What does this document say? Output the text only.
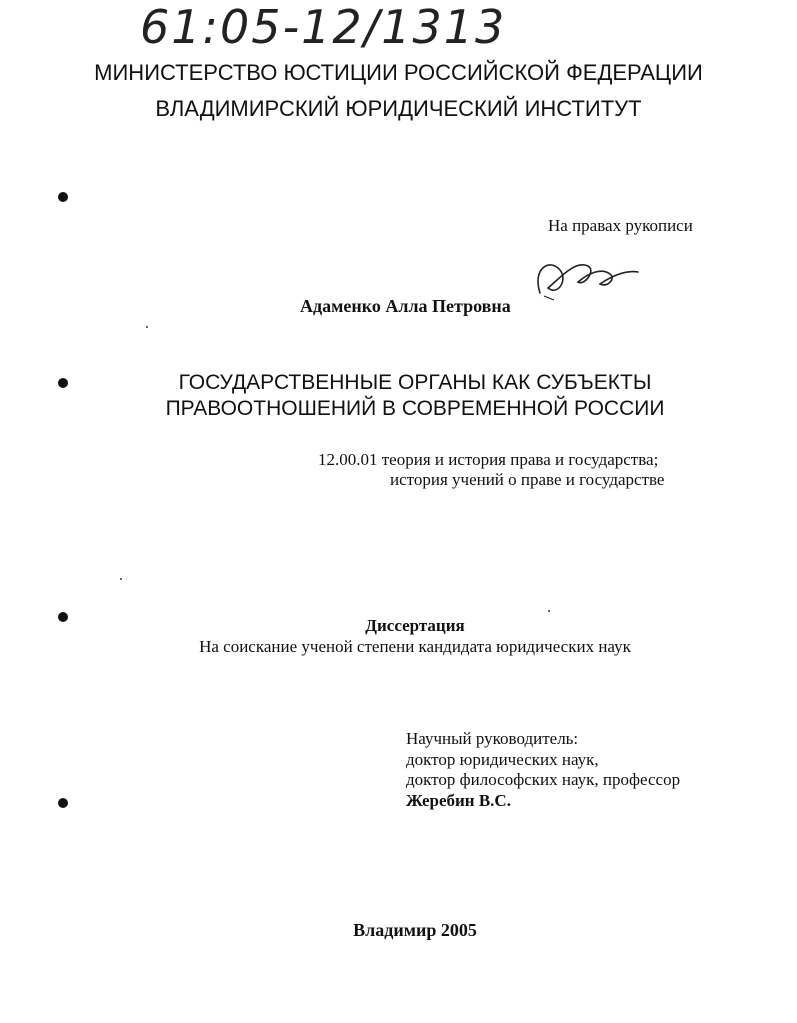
61:05-12/1313
МИНИСТЕРСТВО ЮСТИЦИИ РОССИЙСКОЙ ФЕДЕРАЦИИ
ВЛАДИМИРСКИЙ ЮРИДИЧЕСКИЙ ИНСТИТУТ
На правах рукописи
Адаменко Алла Петровна
ГОСУДАРСТВЕННЫЕ ОРГАНЫ КАК СУБЪЕКТЫ
ПРАВООТНОШЕНИЙ В СОВРЕМЕННОЙ РОССИИ
12.00.01 теория и история права и государства;
история учений о праве и государстве
Диссертация
На соискание ученой степени кандидата юридических наук
Научный руководитель:
доктор юридических наук,
доктор философских наук, профессор
Жеребин В.С.
Владимир 2005
